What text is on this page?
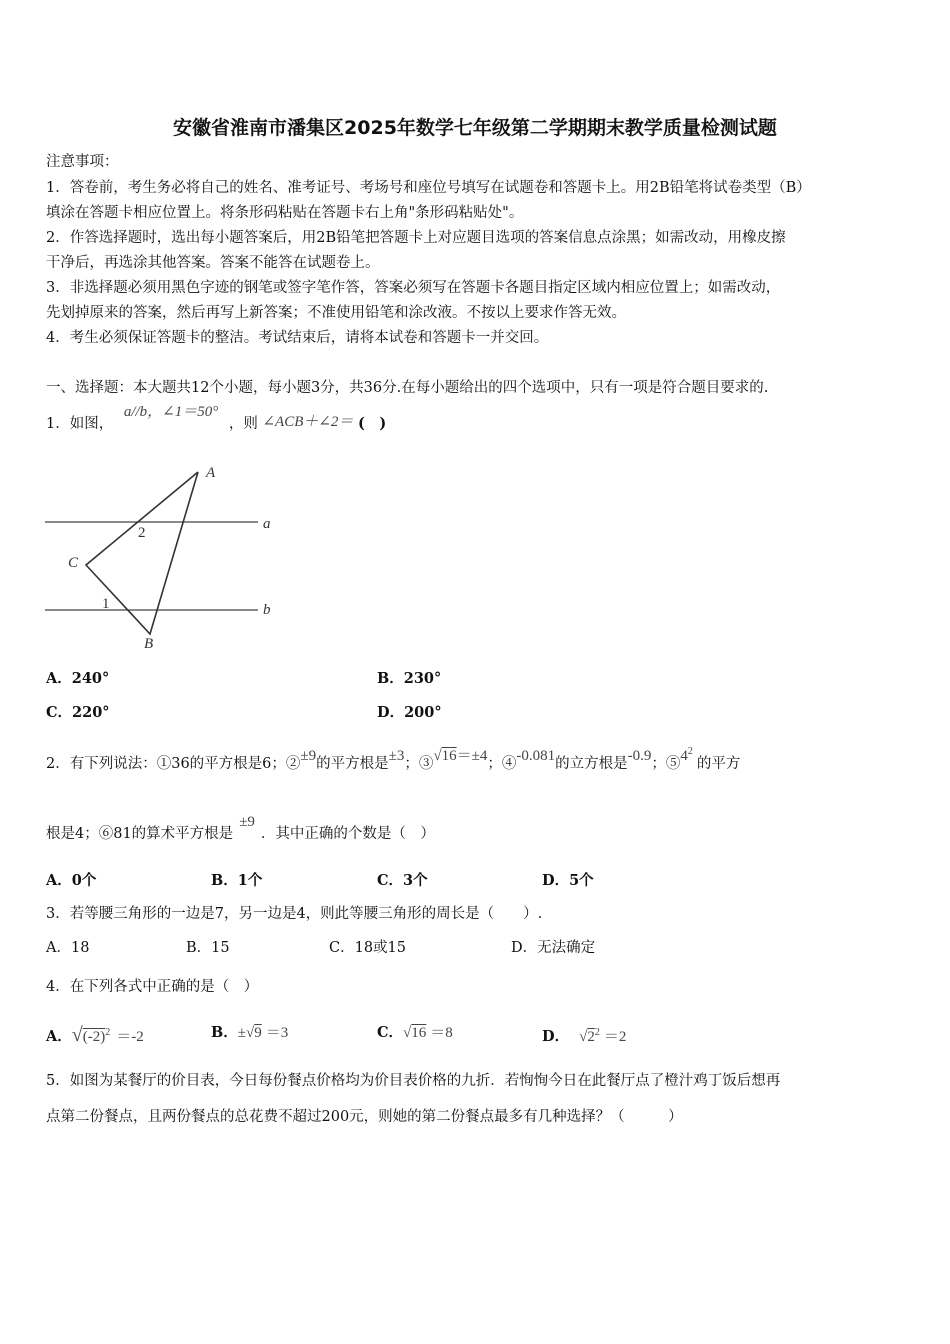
安徽省淮南市潘集区2025年数学七年级第二学期期末教学质量检测试题
注意事项：
1．答卷前，考生务必将自己的姓名、准考证号、考场号和座位号填写在试题卷和答题卡上。用2B铅笔将试卷类型（B）
填涂在答题卡相应位置上。将条形码粘贴在答题卡右上角"条形码粘贴处"。
2．作答选择题时，选出每小题答案后，用2B铅笔把答题卡上对应题目选项的答案信息点涂黑；如需改动，用橡皮擦
干净后，再选涂其他答案。答案不能答在试题卷上。
3．非选择题必须用黑色字迹的钢笔或签字笔作答，答案必须写在答题卡各题目指定区域内相应位置上；如需改动，
先划掉原来的答案，然后再写上新答案；不准使用铅笔和涂改液。不按以上要求作答无效。
4．考生必须保证答题卡的整洁。考试结束后，请将本试卷和答题卡一并交回。
一、选择题：本大题共12个小题，每小题3分，共36分.在每小题给出的四个选项中，只有一项是符合题目要求的.
1．如图， a//b，∠1＝50° ，则 ∠ACB＋∠2＝ (　)
A
B
C
2
1
a
b
A．240°	B．230°
C．220°	D．200°
2．有下列说法：①36的平方根是6；②±9的平方根是±3；③√16＝±4；④-0.081的立方根是-0.9；$⑤4^2$的平方
根是4；⑥81的算术平方根是±9．其中正确的个数是（　）
A．0个	B．1个	C．3个	D．5个
3．若等腰三角形的一边是7，另一边是4，则此等腰三角形的周长是（　　）.
A．18	B．15	C．18或15	D．无法确定
4．在下列各式中正确的是（　）
A．$√(-2)^2 =-2$	B．±√9 ＝3	C．√16 ＝8	D． $√2^2 =2$
5．如图为某餐厅的价目表，今日每份餐点价格均为价目表价格的九折．若恂恂今日在此餐厅点了橙汁鸡丁饭后想再
点第二份餐点，且两份餐点的总花费不超过200元，则她的第二份餐点最多有几种选择？（　　　）
